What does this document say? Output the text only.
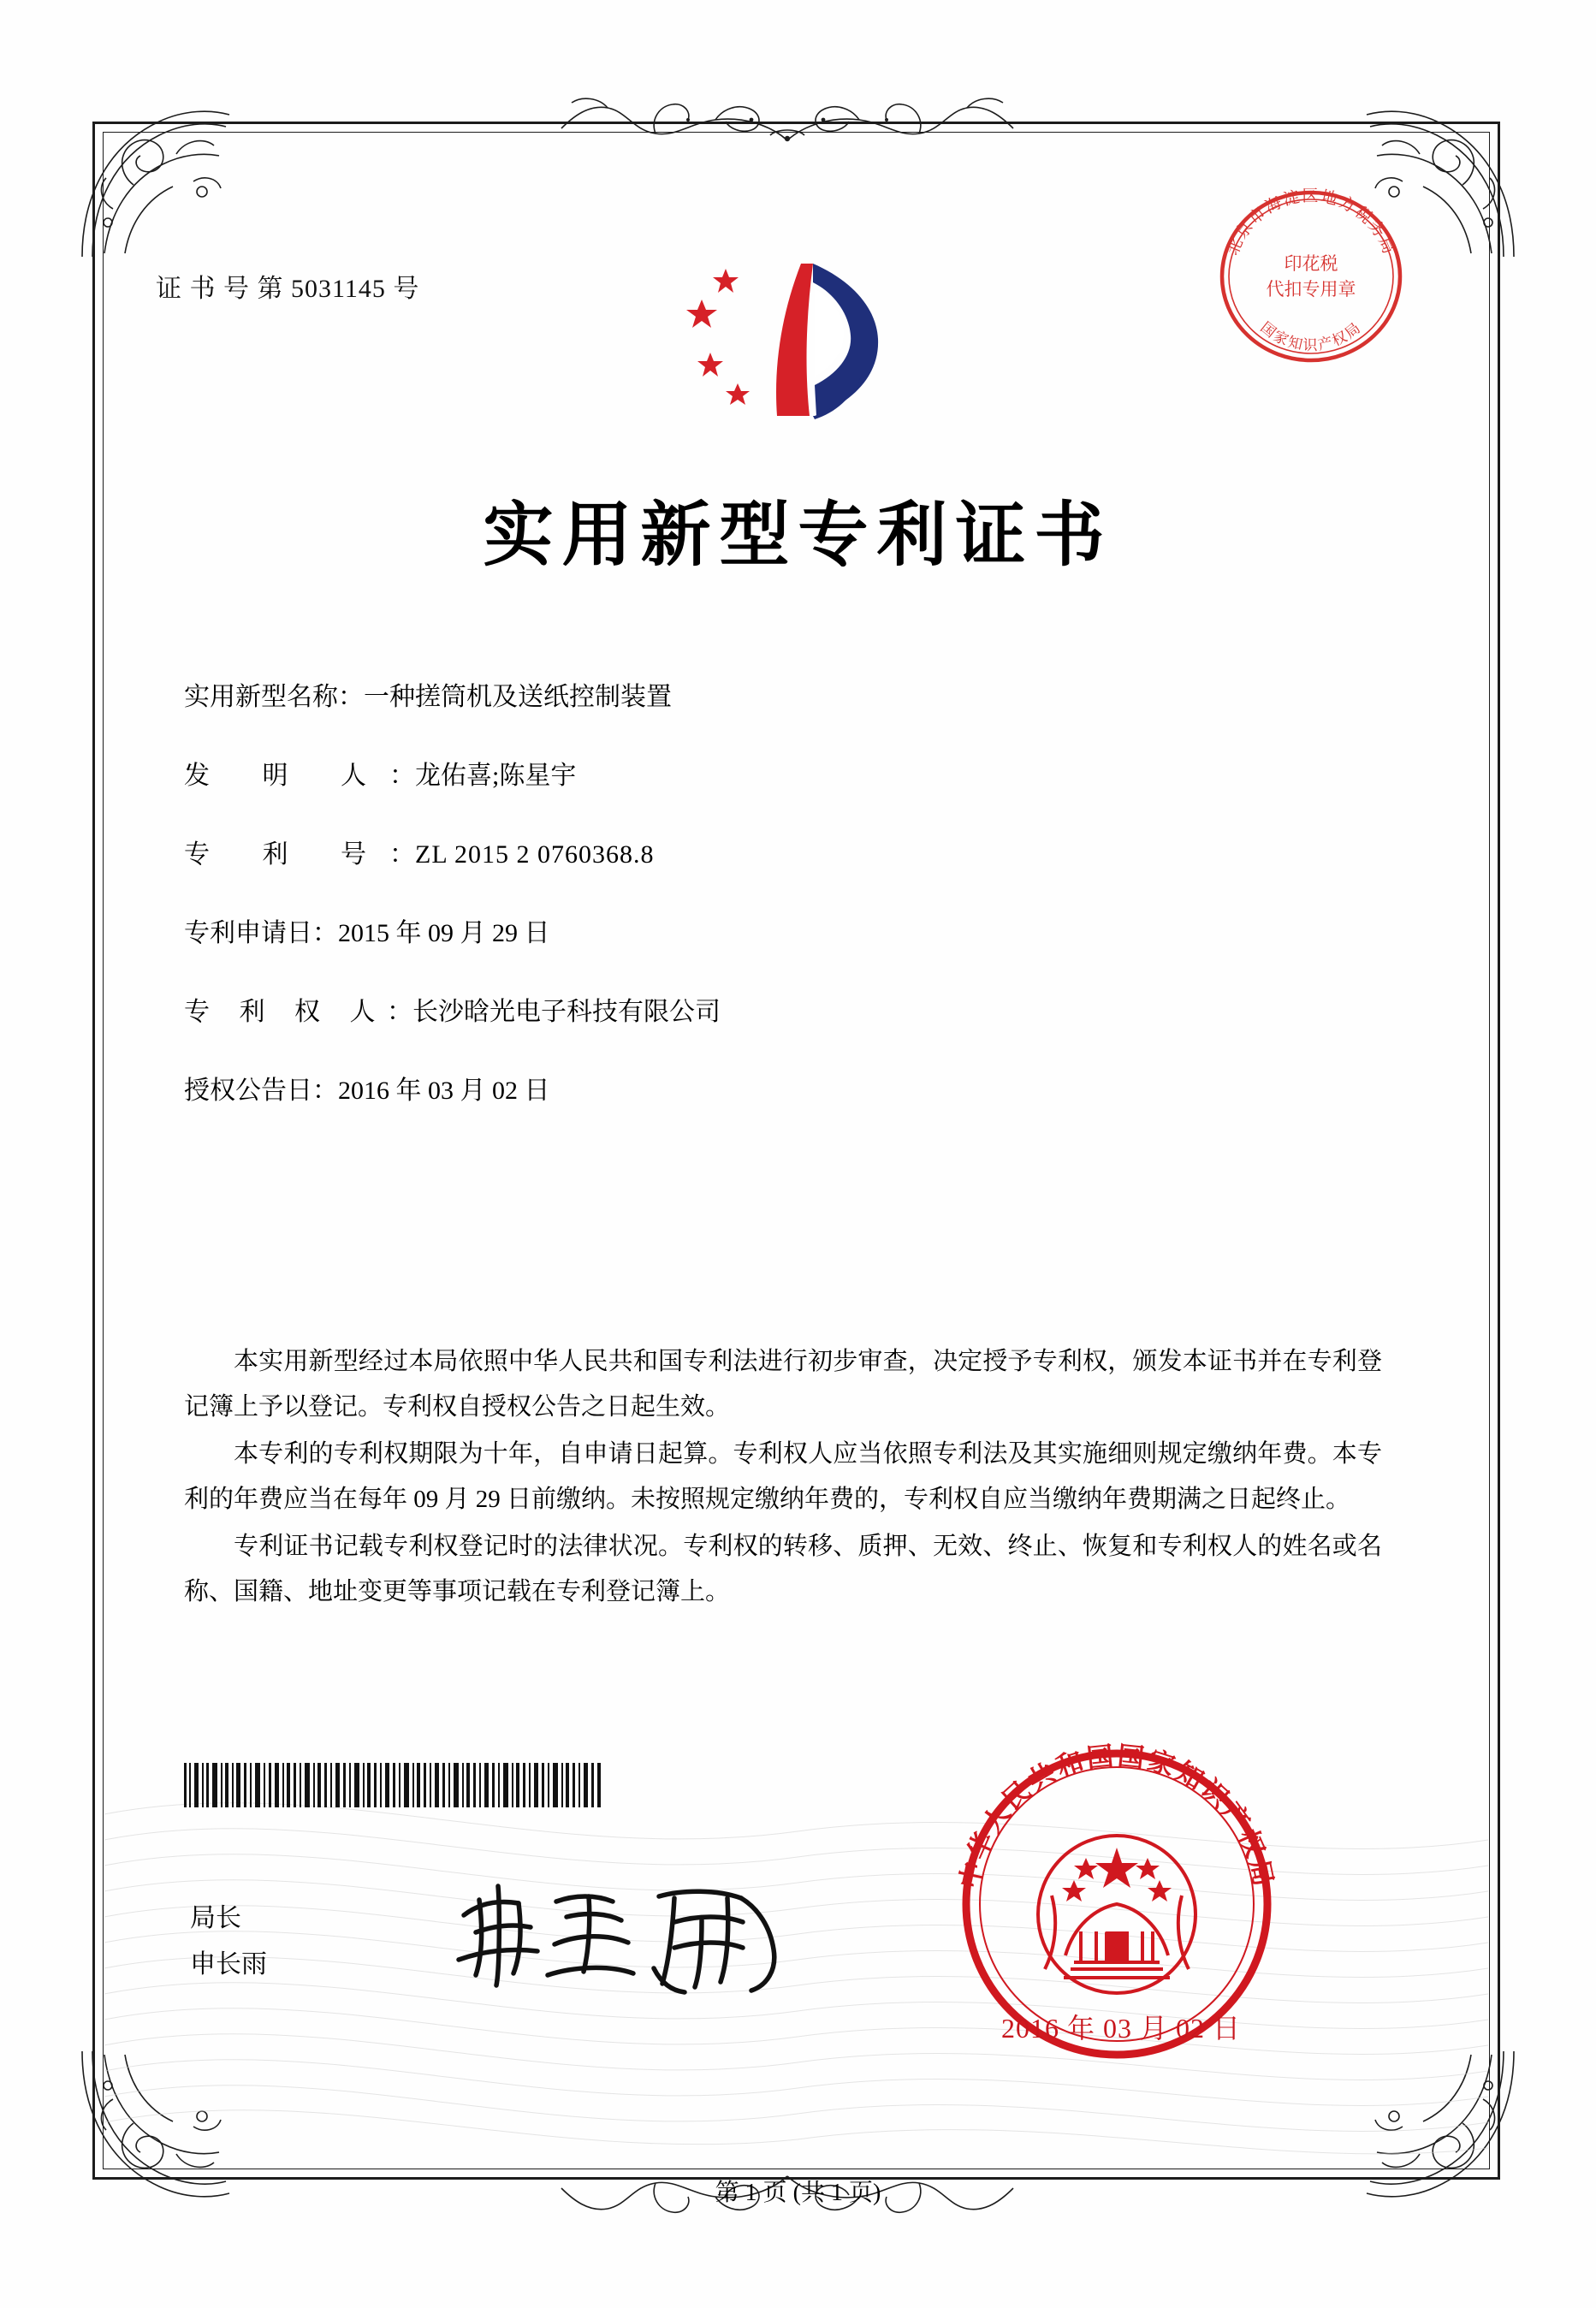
证 书 号 第 5031145 号
北京市海淀区地方税务局
国家知识产权局
印花税
代扣专用章
实用新型专利证书
实用新型名称：一种搓筒机及送纸控制装置
发 明 人：龙佑喜;陈星宇
专 利 号：ZL 2015 2 0760368.8
专利申请日：2015 年 09 月 29 日
专 利 权 人：长沙晗光电子科技有限公司
授权公告日：2016 年 03 月 02 日

本实用新型经过本局依照中华人民共和国专利法进行初步审查，决定授予专利权，颁发本证书并在专利登记簿上予以登记。专利权自授权公告之日起生效。

本专利的专利权期限为十年，自申请日起算。专利权人应当依照专利法及其实施细则规定缴纳年费。本专利的年费应当在每年 09 月 29 日前缴纳。未按照规定缴纳年费的，专利权自应当缴纳年费期满之日起终止。

专利证书记载专利权登记时的法律状况。专利权的转移、质押、无效、终止、恢复和专利权人的姓名或名称、国籍、地址变更等事项记载在专利登记簿上。

局长
申长雨
中华人民共和国国家知识产权局
2016 年 03 月 02 日
第 1 页 (共 1 页)
